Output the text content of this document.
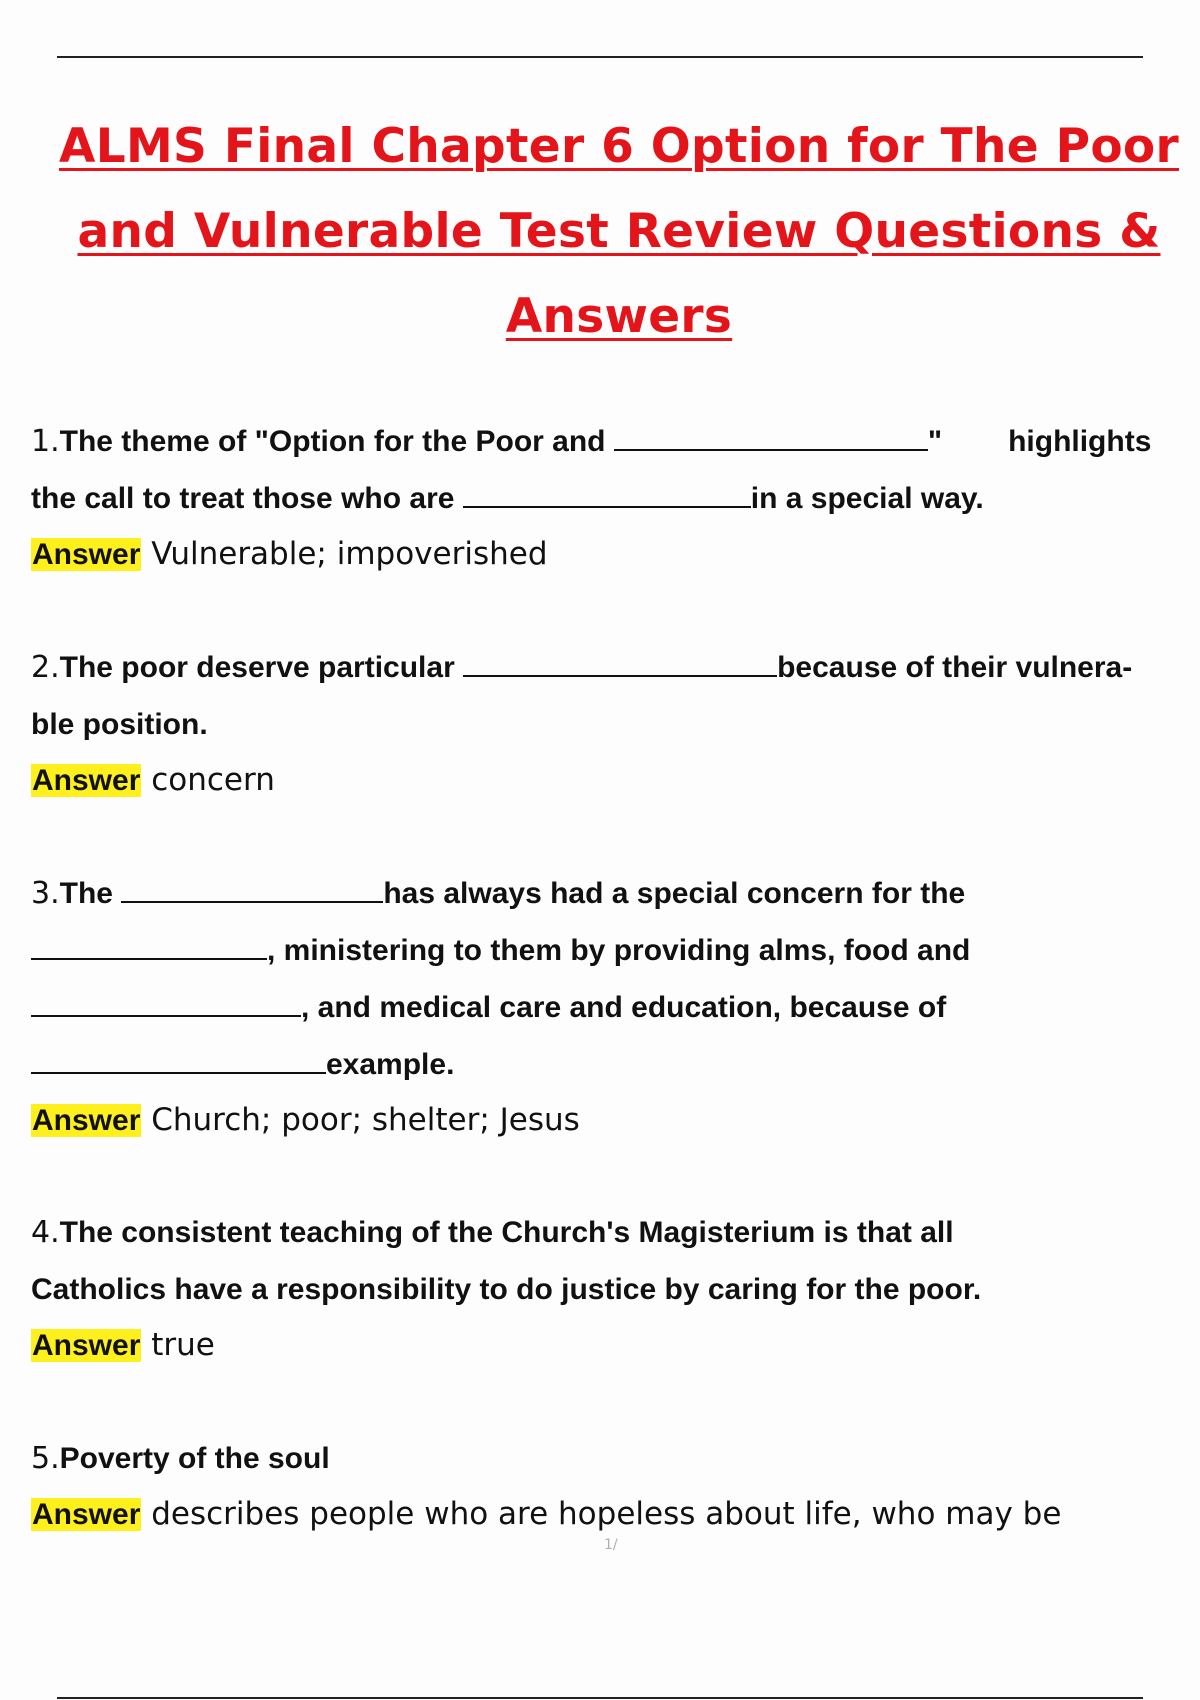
ALMS Final Chapter 6 Option for The Poor
and Vulnerable Test Review Questions &
Answers
1.The theme of "Option for the Poor and	" highlights
the call to treat those who are	in a special way.
Answer Vulnerable; impoverished
2.The poor deserve particular	because of their vulnera-
ble position.
Answer concern
3.The	has always had a special concern for the
, ministering to them by providing alms, food and
, and medical care and education, because of
example.
Answer Church; poor; shelter; Jesus
4.The consistent teaching of the Church's Magisterium is that all
Catholics have a responsibility to do justice by caring for the poor.
Answer true
5.Poverty of the soul
Answer describes people who are hopeless about life, who may be
1/
